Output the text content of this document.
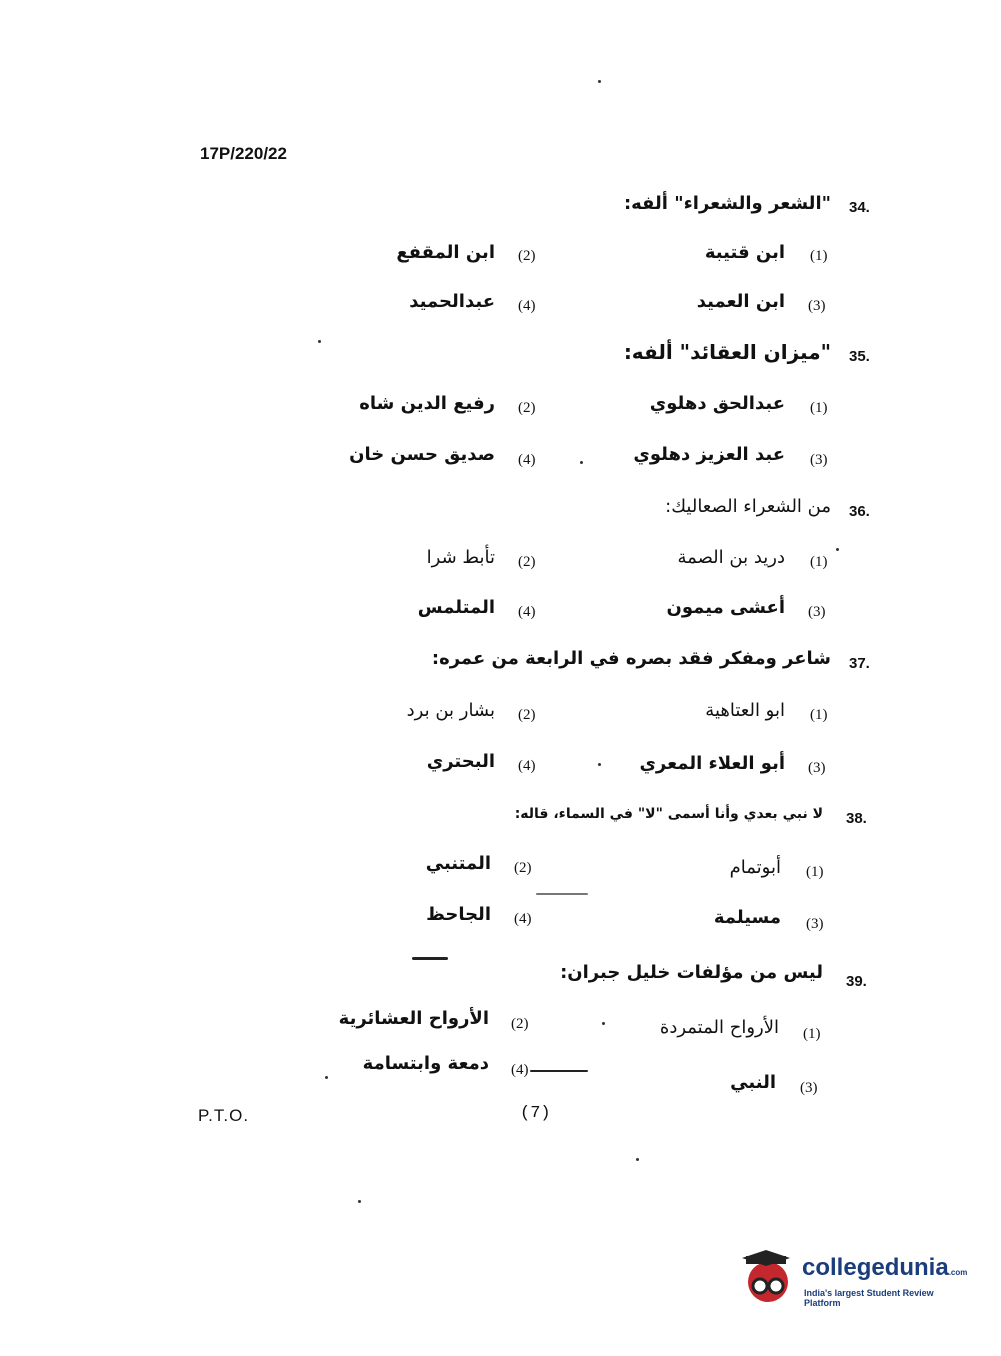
17P/220/22
34.
"الشعر والشعراء" ألفه:
(1)
ابن قتيبة
(2)
ابن المقفع
(3)
ابن العميد
(4)
عبدالحميد
35.
"ميزان العقائد" ألفه:
(1)
عبدالحق دهلوي
(2)
رفيع الدين شاه
(3)
عبد العزيز دهلوي
(4)
صديق حسن خان
36.
من الشعراء الصعاليك:
(1)
دريد بن الصمة
(2)
تأبط شرا
(3)
أعشى ميمون
(4)
المتلمس
37.
شاعر ومفكر فقد بصره في الرابعة من عمره:
(1)
ابو العتاهية
(2)
بشار بن برد
(3)
أبو العلاء المعري
(4)
البحتري
38.
لا نبي بعدي وأنا أسمى "لا" في السماء، قاله:
(1)
أبوتمام
(2)
المتنبي
(3)
مسيلمة
(4)
الجاحظ
39.
ليس من مؤلفات خليل جبران:
(1)
الأرواح المتمردة
(2)
الأرواح العشائرية
(3)
النبي
(4)
دمعة وابتسامة
P.T.O.	(7)
collegedunia.com
India's largest Student Review Platform
